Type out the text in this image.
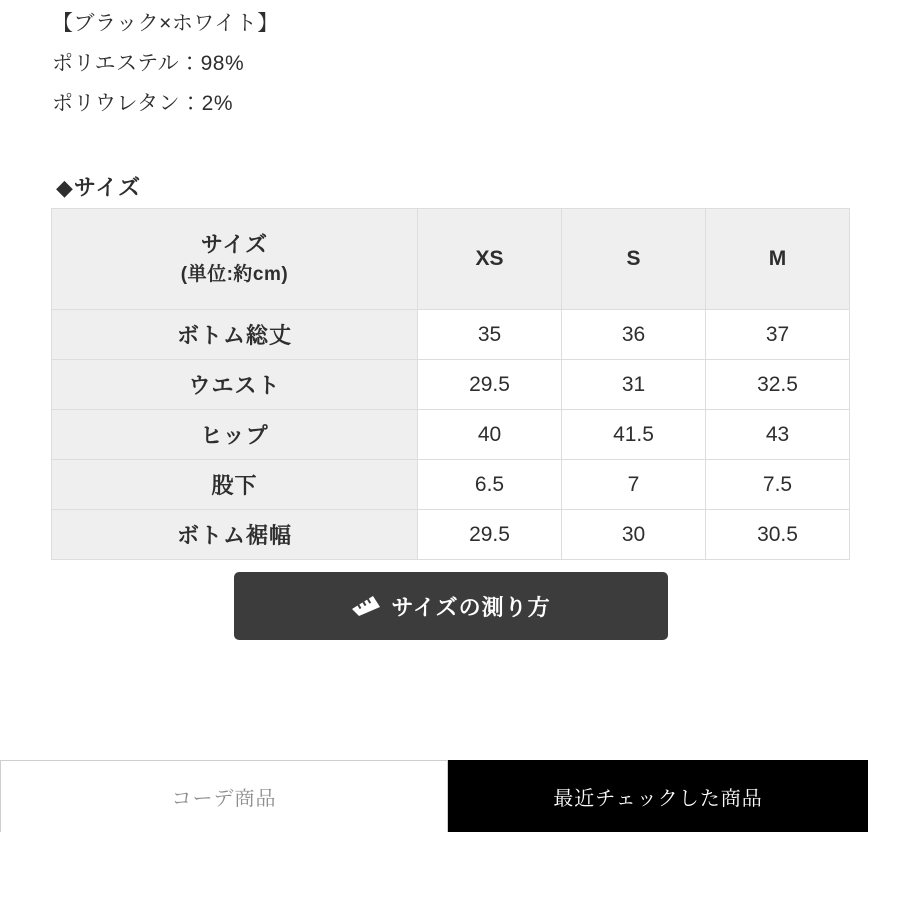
【ブラック×ホワイト】
ポリエステル：98%
ポリウレタン：2%
◆サイズ
サイズ
(単位:約cm)	XS	S	M
ボトム総丈	35	36	37
ウエスト	29.5	31	32.5
ヒップ	40	41.5	43
股下	6.5	7	7.5
ボトム裾幅	29.5	30	30.5
サイズの測り方
コーデ商品	最近チェックした商品
